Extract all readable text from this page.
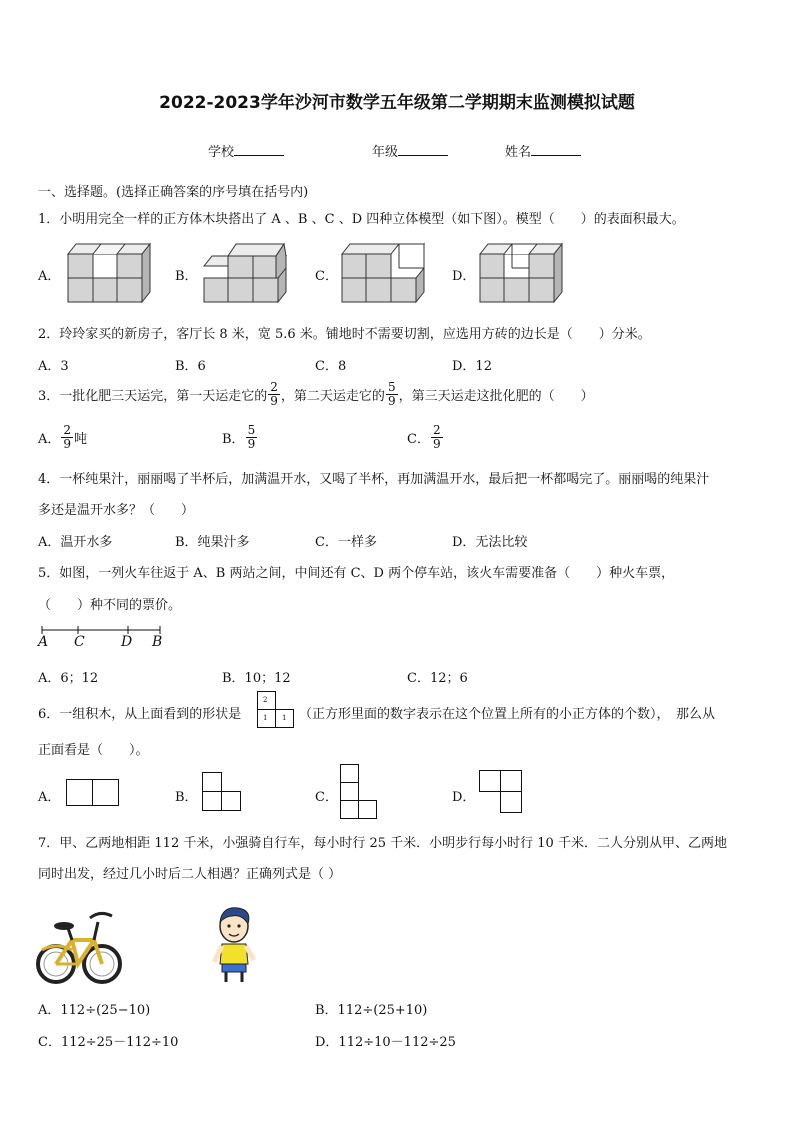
2022-2023学年沙河市数学五年级第二学期期末监测模拟试题
学校	年级	姓名
一、选择题。(选择正确答案的序号填在括号内)
1．小明用完全一样的正方体木块搭出了 A 、B 、C 、D 四种立体模型（如下图）。模型（　　）的表面积最大。
A．	B．	C．	D．
2．玲玲家买的新房子，客厅长 8 米，宽 5.6 米。铺地时不需要切割，应选用方砖的边长是（　　）分米。
A．3	B．6	C．8	D．12
3．一批化肥三天运完，第一天运走它的 $\frac{2}{9}$ ，第二天运走它的 $\frac{5}{9}$ ，第三天运走这批化肥的（　　）
A． $\frac{2}{9}$ 吨	B． $\frac{5}{9}$	C． $\frac{2}{9}$
4．一杯纯果汁，丽丽喝了半杯后，加满温开水，又喝了半杯，再加满温开水，最后把一杯都喝完了。丽丽喝的纯果汁
多还是温开水多？（　　）
A．温开水多	B．纯果汁多	C．一样多	D．无法比较
5．如图，一列火车往返于 A、B 两站之间，中间还有 C、D 两个停车站，该火车需要准备（　　）种火车票，
（　　）种不同的票价。
A C	D B
A．6；12	B．10；12	C．12；6
6．一组积木，从上面看到的形状是
2
1 1 （正方形里面的数字表示在这个位置上所有的小正方体的个数），　那么从
正面看是（　　）。
A．	B．	C．	D．
7．甲、乙两地相距 112 千米，小强骑自行车，每小时行 25 千米．小明步行每小时行 10 千米．二人分别从甲、乙两地
同时出发，经过几小时后二人相遇？正确列式是（ ）
A．112÷(25−10)	B．112÷(25+10)
C．112÷25－112÷10	D．112÷10－112÷25
